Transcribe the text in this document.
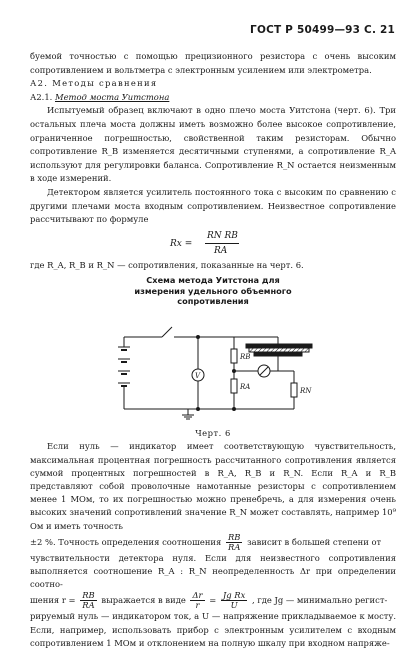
ГОСТ Р 50499—93 С. 21

буемой точностью с помощью прецизионного резистора с очень высоким сопротивлением и вольтметра с электронным усилением или электрометра.

А2. Методы сравнения

А2.1. Метод моста Уитстона

Испытуемый образец включают в одно плечо моста Уитстона (черт. 6). Три остальных плеча моста должны иметь возможно более высокое сопротивление, ограниченное погрешностью, свойственной таким резисторам. Обычно сопротивление R_B изменяется десятичными ступенями, а сопротивление R_A используют для регулировки баланса. Сопротивление R_N остается неизменным в ходе измерений.

Детектором является усилитель постоянного тока с высоким по сравнению с другими плечами моста входным сопротивлением. Неизвестное сопротивление рассчитывают по формуле

Rx =
RN RB
RA

где R_A, R_B и R_N — сопротивления, показанные на черт. 6.

Схема метода Уитстона для
измерения удельного объемного
сопротивления
V
RB
RA	RN

Черт. 6

Если нуль — индикатор имеет соответствующую чувствительность, максимальная процентная погрешность рассчитанного сопротивления является суммой процентных погрешностей в R_A, R_B и R_N. Если R_A и R_B представляют собой проволочные намотанные резисторы с сопротивлением менее 1 МОм, то их погрешностью можно пренебречь, а для измерения очень высоких значений сопротивлений значение R_N может составлять, например 10⁹ Ом и иметь точность

±2 %. Точность определения соотношения $\frac{RB}{RA}$ зависит в большей степени от

чувствительности детектора нуля. Если для неизвестного сопротивления выполняется соотношение R_A : R_N неопределенность Δr при определении соотно-

шения $r = \frac{RB}{RA}$ выражается в виде $\frac{\Delta r}{r} = \frac{\text{Jg Rx}}{U}$ , где Jg — минимально регист-

рируемый нуль — индикатором ток, а U — напряжение прикладываемое к мосту. Если, например, использовать прибор с электронным усилителем с входным сопротивлением 1 МОм и отклонением на полную шкалу при входном напряже-
